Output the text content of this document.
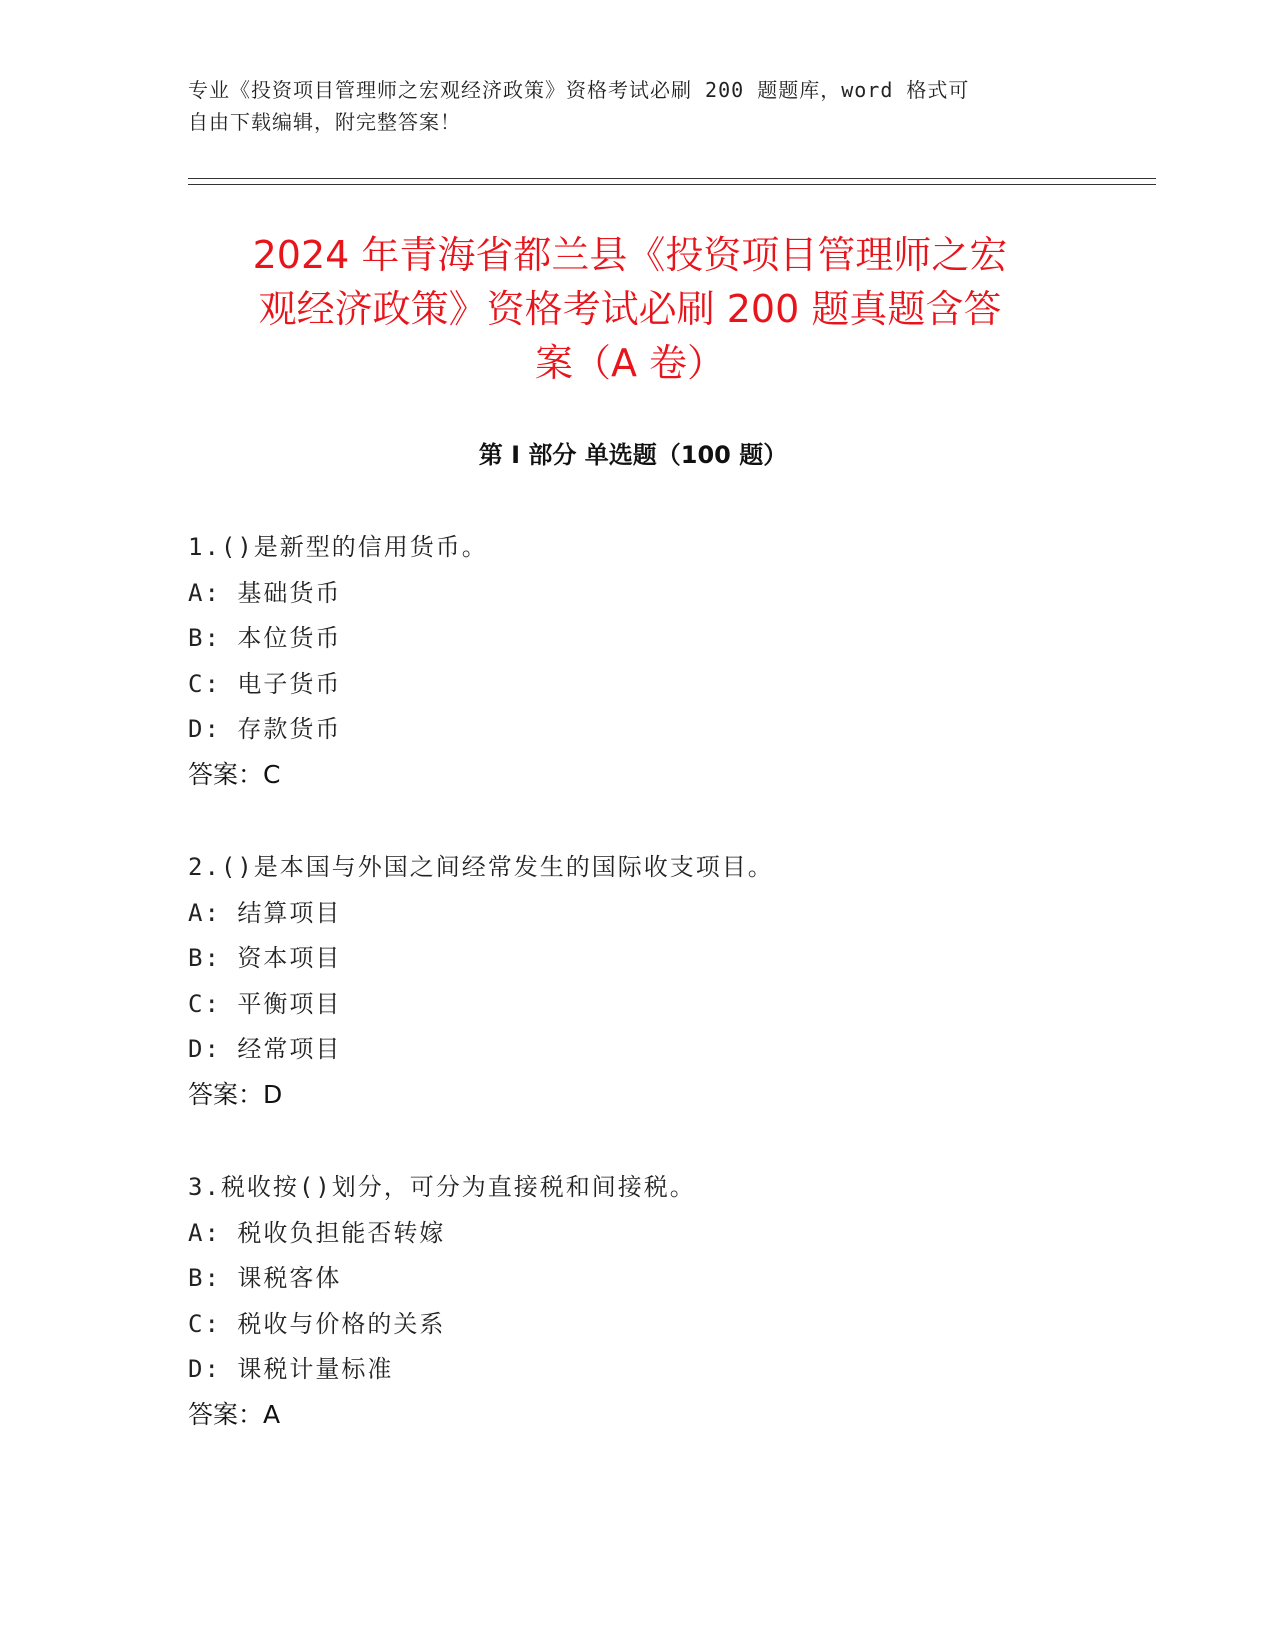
专业《投资项目管理师之宏观经济政策》资格考试必刷 200 题题库，word 格式可
自由下载编辑，附完整答案！
2024 年青海省都兰县《投资项目管理师之宏
观经济政策》资格考试必刷 200 题真题含答
案（A 卷）
第 I 部分 单选题（100 题）
1.()是新型的信用货币。
A: 基础货币
B: 本位货币
C: 电子货币
D: 存款货币
答案：C
2.()是本国与外国之间经常发生的国际收支项目。
A: 结算项目
B: 资本项目
C: 平衡项目
D: 经常项目
答案：D
3.税收按()划分，可分为直接税和间接税。
A: 税收负担能否转嫁
B: 课税客体
C: 税收与价格的关系
D: 课税计量标准
答案：A
